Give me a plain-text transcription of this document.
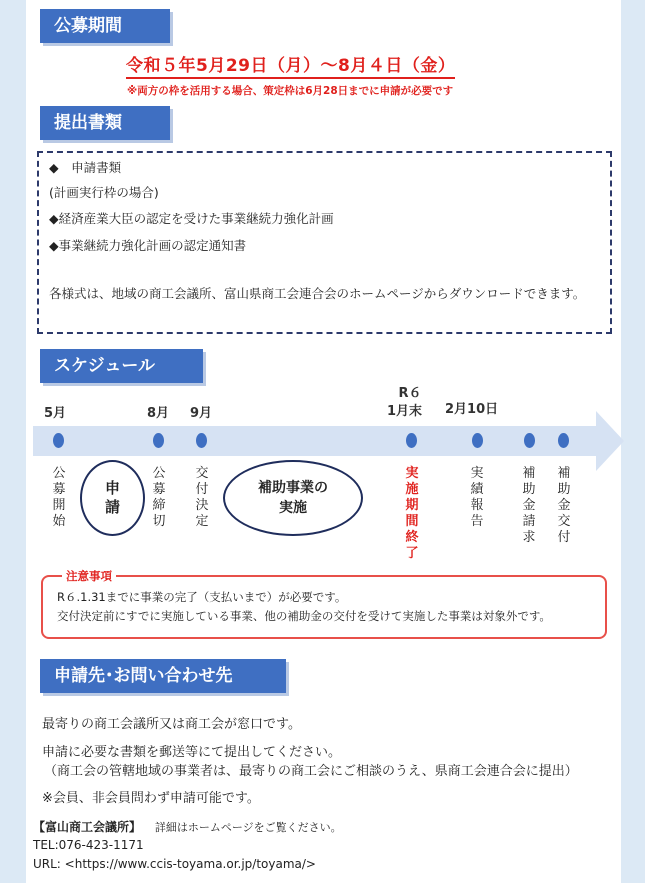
公募期間
令和５年5月29日（月）～8月４日（金）
※両方の枠を活用する場合、策定枠は6月28日までに申請が必要です
提出書類
◆　申請書類
(計画実行枠の場合)
◆経済産業大臣の認定を受けた事業継続力強化計画
◆事業継続力強化計画の認定通知書
各様式は、地域の商工会議所、富山県商工会連合会のホームページからダウンロードできます。
スケジュール
5月	8月 9月
R６
1月末 2月10日
公募開始
申請
公募締切
交付決定
補助事業の
実施
実施期間終了
実績報告
補助金請求
補助金交付
R６.1.31までに事業の完了（支払いまで）が必要です。
交付決定前にすでに実施している事業、他の補助金の交付を受けて実施した事業は対象外です。
注意事項
申請先･お問い合わせ先
最寄りの商工会議所又は商工会が窓口です。
申請に必要な書類を郵送等にて提出してください。
（商工会の管轄地域の事業者は、最寄りの商工会にご相談のうえ、県商工会連合会に提出）
※会員、非会員問わず申請可能です。
【富山商工会議所】 詳細はホームページをご覧ください。
TEL:076-423-1171
URL: <https://www.ccis-toyama.or.jp/toyama/>
